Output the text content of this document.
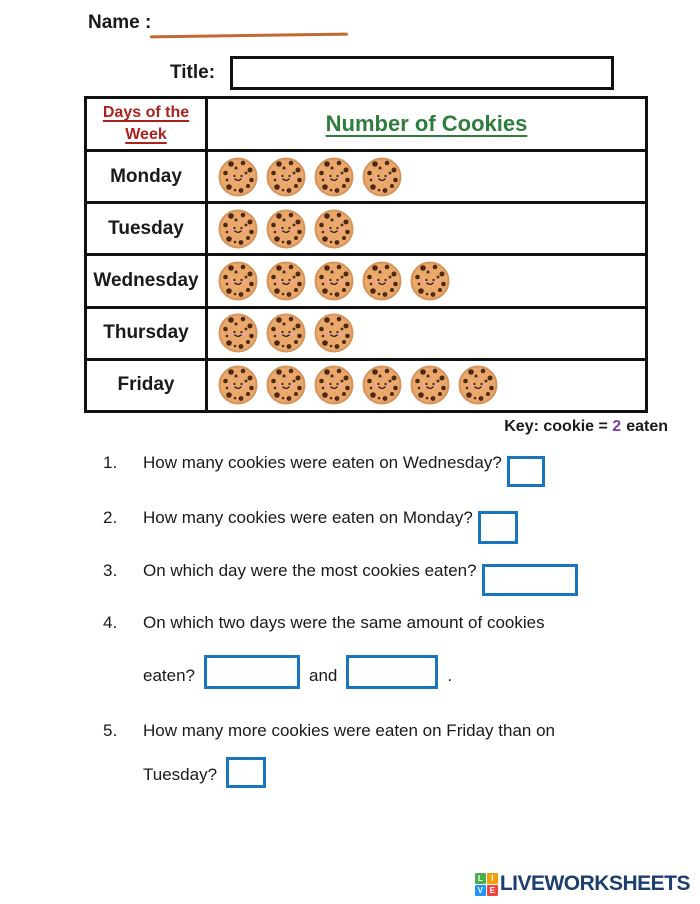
Name :
Title:
Days of the Week	Number of Cookies
Monday
Tuesday
Wednesday
Thursday
Friday
Key: cookie = 2 eaten
1.	How many cookies were eaten on Wednesday?
2.	How many cookies were eaten on Monday?
3.	On which day were the most cookies eaten?
4.	On which two days were the same amount of cookies
eaten?	and	.
5.	How many more cookies were eaten on Friday than on
Tuesday?
L	I
V E LIVEWORKSHEETS
